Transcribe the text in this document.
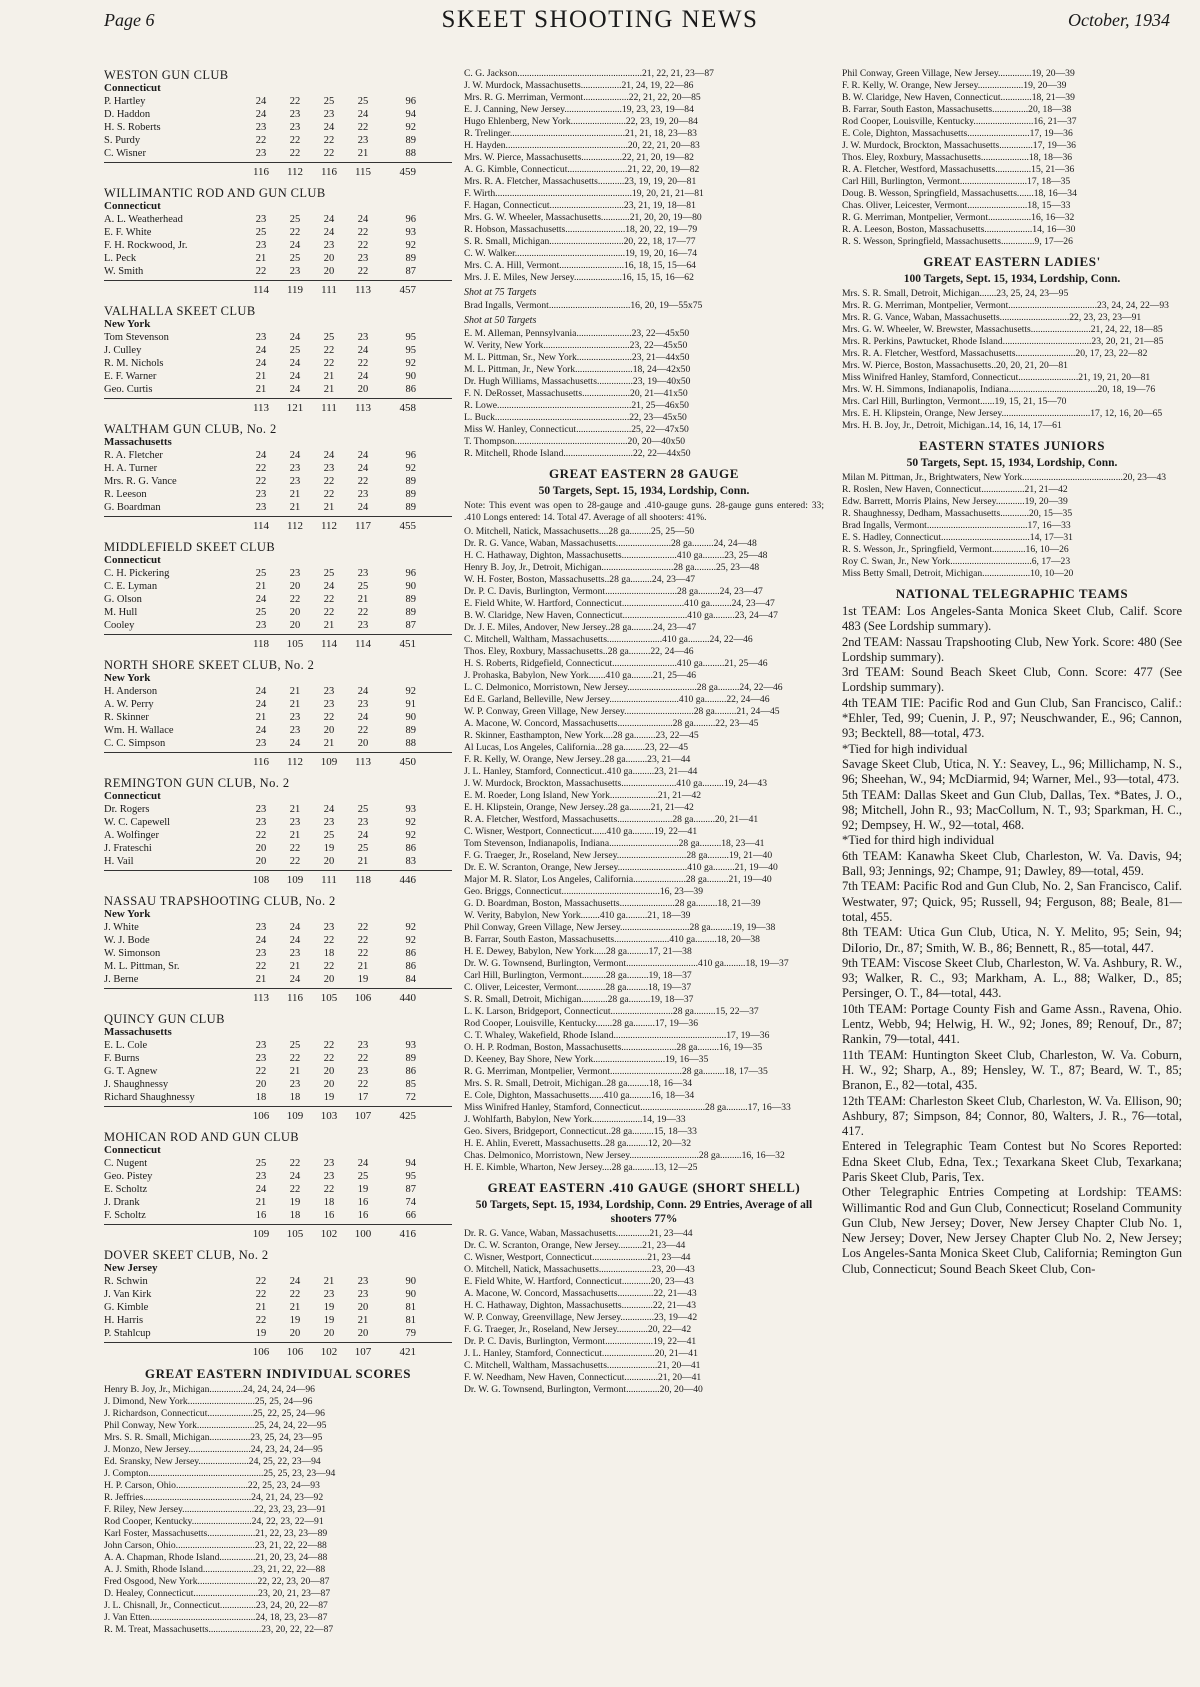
Page 6	SKEET SHOOTING NEWS	October, 1934
WESTON GUN CLUB
Connecticut
P. Hartley	24	22	25	25	96
D. Haddon	24	23	23	24	94
H. S. Roberts	23	23	24	22	92
S. Purdy	22	22	22	23	89
C. Wisner	23	22	22	21	88
116	112	116	115	459
WILLIMANTIC ROD AND GUN CLUB
Connecticut
A. L. Weatherhead	23	25	24	24	96
E. F. White	25	22	24	22	93
F. H. Rockwood, Jr.	23	24	23	22	92
L. Peck	21	25	20	23	89
W. Smith	22	23	20	22	87
114	119	111	113	457
VALHALLA SKEET CLUB
New York
Tom Stevenson	23	24	25	23	95
J. Culley	24	25	22	24	95
R. M. Nichols	24	24	22	22	92
E. F. Warner	21	24	21	24	90
Geo. Curtis	21	24	21	20	86
113	121	111	113	458
WALTHAM GUN CLUB, No. 2
Massachusetts
R. A. Fletcher	24	24	24	24	96
H. A. Turner	22	23	23	24	92
Mrs. R. G. Vance	22	23	22	22	89
R. Leeson	23	21	22	23	89
G. Boardman	23	21	21	24	89
114	112	112	117	455
MIDDLEFIELD SKEET CLUB
Connecticut
C. H. Pickering	25	23	25	23	96
C. E. Lyman	21	20	24	25	90
G. Olson	24	22	22	21	89
M. Hull	25	20	22	22	89
Cooley	23	20	21	23	87
118	105	114	114	451
NORTH SHORE SKEET CLUB, No. 2
New York
H. Anderson	24	21	23	24	92
A. W. Perry	24	21	23	23	91
R. Skinner	21	23	22	24	90
Wm. H. Wallace	24	23	20	22	89
C. C. Simpson	23	24	21	20	88
116	112	109	113	450
REMINGTON GUN CLUB, No. 2
Connecticut
Dr. Rogers	23	21	24	25	93
W. C. Capewell	23	23	23	23	92
A. Wolfinger	22	21	25	24	92
J. Frateschi	20	22	19	25	86
H. Vail	20	22	20	21	83
108	109	111	118	446
NASSAU TRAPSHOOTING CLUB, No. 2
New York
J. White	23	24	23	22	92
W. J. Bode	24	24	22	22	92
W. Simonson	23	23	18	22	86
M. L. Pittman, Sr.	22	21	22	21	86
J. Berne	21	24	20	19	84
113	116	105	106	440
QUINCY GUN CLUB
Massachusetts
E. L. Cole	23	25	22	23	93
F. Burns	23	22	22	22	89
G. T. Agnew	22	21	20	23	86
J. Shaughnessy	20	23	20	22	85
Richard Shaughnessy	18	18	19	17	72
106	109	103	107	425
MOHICAN ROD AND GUN CLUB
Connecticut
C. Nugent	25	22	23	24	94
Geo. Pistey	23	24	23	25	95
E. Scholtz	24	22	22	19	87
J. Drank	21	19	18	16	74
F. Scholtz	16	18	16	16	66
109	105	102	100	416
DOVER SKEET CLUB, No. 2
New Jersey
R. Schwin	22	24	21	23	90
J. Van Kirk	22	22	23	23	90
G. Kimble	21	21	19	20	81
H. Harris	22	19	19	21	81
P. Stahlcup	19	20	20	20	79
106	106	102	107	421
GREAT EASTERN INDIVIDUAL SCORES
Henry B. Joy, Jr., Michigan..............24, 24, 24, 24—96
J. Dimond, New York............................25, 25, 24—96
J. Richardson, Connecticut...................25, 22, 25, 24—96
Phil Conway, New York........................25, 24, 24, 22—95
Mrs. S. R. Small, Michigan.................23, 25, 24, 23—95
J. Monzo, New Jersey..........................24, 23, 24, 24—95
Ed. Sransky, New Jersey.....................24, 25, 22, 23—94
J. Compton................................................25, 25, 23, 23—94
H. P. Carson, Ohio..............................22, 25, 23, 24—93
R. Jeffries.............................................24, 21, 24, 23—92
F. Riley, New Jersey..............................22, 23, 23, 23—91
Rod Cooper, Kentucky.........................24, 22, 23, 22—91
Karl Foster, Massachusetts....................21, 22, 23, 23—89
John Carson, Ohio.................................23, 21, 22, 22—88
A. A. Chapman, Rhode Island...............21, 20, 23, 24—88
A. J. Smith, Rhode Island.....................23, 21, 22, 22—88
Fred Osgood, New York.........................22, 22, 23, 20—87
D. Healey, Connecticut...........................23, 20, 21, 23—87
J. L. Chisnall, Jr., Connecticut...............23, 24, 20, 22—87
J. Van Etten............................................24, 18, 23, 23—87
R. M. Treat, Massachusetts......................23, 20, 22, 22—87
C. G. Jackson....................................................21, 22, 21, 23—87
J. W. Murdock, Massachusetts.................21, 24, 19, 22—86
Mrs. R. G. Merriman, Vermont...................22, 21, 22, 20—85
E. J. Canning, New Jersey........................19, 23, 23, 19—84
Hugo Ehlenberg, New York.......................22, 23, 19, 20—84
R. Trelinger................................................21, 21, 18, 23—83
H. Hayden...................................................20, 22, 21, 20—83
Mrs. W. Pierce, Massachusetts.................22, 21, 20, 19—82
A. G. Kimble, Connecticut.........................21, 22, 20, 19—82
Mrs. R. A. Fletcher, Massachusetts...........23, 19, 19, 20—81
F. Wirth.........................................................19, 20, 21, 21—81
F. Hagan, Connecticut...............................23, 21, 19, 18—81
Mrs. G. W. Wheeler, Massachusetts............21, 20, 20, 19—80
R. Hobson, Massachusetts.........................18, 20, 22, 19—79
S. R. Small, Michigan...............................20, 22, 18, 17—77
C. W. Walker..............................................19, 19, 20, 16—74
Mrs. C. A. Hill, Vermont...........................16, 18, 15, 15—64
Mrs. J. E. Miles, New Jersey....................16, 15, 15, 16—62
Shot at 75 Targets
Brad Ingalls, Vermont..................................16, 20, 19—55x75
Shot at 50 Targets
E. M. Alleman, Pennsylvania.......................23, 22—45x50
W. Verity, New York....................................23, 22—45x50
M. L. Pittman, Sr., New York.......................23, 21—44x50
M. L. Pittman, Jr., New York........................18, 24—42x50
Dr. Hugh Williams, Massachusetts...............23, 19—40x50
F. N. DeRosset, Massachusetts....................20, 21—41x50
R. Lowe........................................................21, 25—46x50
L. Buck........................................................22, 23—45x50
Miss W. Hanley, Connecticut.......................25, 22—47x50
T. Thompson...............................................20, 20—40x50
R. Mitchell, Rhode Island.............................22, 22—44x50
GREAT EASTERN 28 GAUGE
50 Targets, Sept. 15, 1934, Lordship, Conn.
Note: This event was open to 28-gauge and .410-gauge guns. 28-gauge guns entered: 33; .410 Longs entered: 14. Total 47. Average of all shooters: 41%.
O. Mitchell, Natick, Massachusetts....28 ga.........25, 25—50
Dr. R. G. Vance, Waban, Massachusetts.......................28 ga.........24, 24—48
H. C. Hathaway, Dighton, Massachusetts.......................410 ga.........23, 25—48
Henry B. Joy, Jr., Detroit, Michigan..............................28 ga.........25, 23—48
W. H. Foster, Boston, Massachusetts..28 ga.........24, 23—47
Dr. P. C. Davis, Burlington, Vermont..............................28 ga.........24, 23—47
E. Field White, W. Hartford, Connecticut..........................410 ga.........24, 23—47
B. W. Claridge, New Haven, Connecticut...........................410 ga.........23, 24—47
Dr. J. E. Miles, Andover, New Jersey..28 ga.........24, 23—47
C. Mitchell, Waltham, Massachusetts.......................410 ga.........24, 22—46
Thos. Eley, Roxbury, Massachusetts..28 ga.........22, 24—46
H. S. Roberts, Ridgefield, Connecticut...........................410 ga.........21, 25—46
J. Prohaska, Babylon, New York.......410 ga.........21, 25—46
L. C. Delmonico, Morristown, New Jersey.............................28 ga.........24, 22—46
Ed E. Garland, Belleville, New Jersey.............................410 ga.........22, 24—46
W. P. Conway, Green Village, New Jersey.............................28 ga.........21, 24—45
A. Macone, W. Concord, Massachusetts.......................28 ga.........22, 23—45
R. Skinner, Easthampton, New York....28 ga.........23, 22—45
Al Lucas, Los Angeles, California...28 ga.........23, 22—45
F. R. Kelly, W. Orange, New Jersey..28 ga.........23, 21—44
J. L. Hanley, Stamford, Connecticut..410 ga.........23, 21—44
J. W. Murdock, Brockton, Massachusetts.......................410 ga.........19, 24—43
E. M. Roeder, Long Island, New York....................21, 21—42
E. H. Klipstein, Orange, New Jersey..28 ga.........21, 21—42
R. A. Fletcher, Westford, Massachusetts.......................28 ga.........20, 21—41
C. Wisner, Westport, Connecticut......410 ga.........19, 22—41
Tom Stevenson, Indianapolis, Indiana.............................28 ga.........18, 23—41
F. G. Traeger, Jr., Roseland, New Jersey.............................28 ga.........19, 21—40
Dr. E. W. Scranton, Orange, New Jersey.............................410 ga.........21, 19—40
Major M. R. Slator, Los Angeles, California......................28 ga.........21, 19—40
Geo. Briggs, Connecticut.........................................16, 23—39
G. D. Boardman, Boston, Massachusetts.......................28 ga.........18, 21—39
W. Verity, Babylon, New York........410 ga.........21, 18—39
Phil Conway, Green Village, New Jersey.............................28 ga.........19, 19—38
B. Farrar, South Easton, Massachusetts.......................410 ga.........18, 20—38
H. E. Dewey, Babylon, New York.....28 ga.........17, 21—38
Dr. W. G. Townsend, Burlington, Vermont..............................410 ga.........18, 19—37
Carl Hill, Burlington, Vermont..........28 ga.........19, 18—37
C. Oliver, Leicester, Vermont............28 ga.........18, 19—37
S. R. Small, Detroit, Michigan...........28 ga.........19, 18—37
L. K. Larson, Bridgeport, Connecticut..........................28 ga.........15, 22—37
Rod Cooper, Louisville, Kentucky.......28 ga.........17, 19—36
C. T. Whaley, Wakefield, Rhode Island...............................................17, 19—36
O. H. P. Rodman, Boston, Massachusetts.......................28 ga.........16, 19—35
D. Keeney, Bay Shore, New York..............................19, 16—35
R. G. Merriman, Montpelier, Vermont..............................28 ga.........18, 17—35
Mrs. S. R. Small, Detroit, Michigan..28 ga.........18, 16—34
E. Cole, Dighton, Massachusetts......410 ga.........16, 18—34
Miss Winifred Hanley, Stamford, Connecticut...........................28 ga.........17, 16—33
J. Wohlfarth, Babylon, New York.....................14, 19—33
Geo. Sivers, Bridgeport, Connecticut..28 ga.........15, 18—33
H. E. Ahlin, Everett, Massachusetts..28 ga.........12, 20—32
Chas. Delmonico, Morristown, New Jersey.............................28 ga.........16, 16—32
H. E. Kimble, Wharton, New Jersey....28 ga.........13, 12—25
GREAT EASTERN .410 GAUGE (SHORT SHELL)
50 Targets, Sept. 15, 1934, Lordship, Conn. 29 Entries, Average of all shooters 77%
Dr. R. G. Vance, Waban, Massachusetts..............21, 23—44
Dr. C. W. Scranton, Orange, New Jersey..........21, 23—44
C. Wisner, Westport, Connecticut.......................21, 23—44
O. Mitchell, Natick, Massachusetts......................23, 20—43
E. Field White, W. Hartford, Connecticut............20, 23—43
A. Macone, W. Concord, Massachusetts...............22, 21—43
H. C. Hathaway, Dighton, Massachusetts.............22, 21—43
W. P. Conway, Greenvillage, New Jersey..............23, 19—42
F. G. Traeger, Jr., Roseland, New Jersey.............20, 22—42
Dr. P. C. Davis, Burlington, Vermont....................19, 22—41
J. L. Hanley, Stamford, Connecticut......................20, 21—41
C. Mitchell, Waltham, Massachusetts.....................21, 20—41
F. W. Needham, New Haven, Connecticut..............21, 20—41
Dr. W. G. Townsend, Burlington, Vermont..............20, 20—40
Phil Conway, Green Village, New Jersey..............19, 20—39
F. R. Kelly, W. Orange, New Jersey...................19, 20—39
B. W. Claridge, New Haven, Connecticut.............18, 21—39
B. Farrar, South Easton, Massachusetts...............20, 18—38
Rod Cooper, Louisville, Kentucky.........................16, 21—37
E. Cole, Dighton, Massachusetts..........................17, 19—36
J. W. Murdock, Brockton, Massachusetts..............17, 19—36
Thos. Eley, Roxbury, Massachusetts....................18, 18—36
R. A. Fletcher, Westford, Massachusetts...............15, 21—36
Carl Hill, Burlington, Vermont............................17, 18—35
Doug. B. Wesson, Springfield, Massachusetts.......18, 16—34
Chas. Oliver, Leicester, Vermont.........................18, 15—33
R. G. Merriman, Montpelier, Vermont..................16, 16—32
R. A. Leeson, Boston, Massachusetts....................14, 16—30
R. S. Wesson, Springfield, Massachusetts..............9, 17—26
GREAT EASTERN LADIES'
100 Targets, Sept. 15, 1934, Lordship, Conn.
Mrs. S. R. Small, Detroit, Michigan.......23, 25, 24, 23—95
Mrs. R. G. Merriman, Montpelier, Vermont.....................................23, 24, 24, 22—93
Mrs. R. G. Vance, Waban, Massachusetts.............................22, 23, 23, 23—91
Mrs. G. W. Wheeler, W. Brewster, Massachusetts.........................21, 24, 22, 18—85
Mrs. R. Perkins, Pawtucket, Rhode Island.....................................23, 20, 21, 21—85
Mrs. R. A. Fletcher, Westford, Massachusetts.........................20, 17, 23, 22—82
Mrs. W. Pierce, Boston, Massachusetts..20, 20, 21, 20—81
Miss Winifred Hanley, Stamford, Connecticut.........................21, 19, 21, 20—81
Mrs. W. H. Simmons, Indianapolis, Indiana.....................................20, 18, 19—76
Mrs. Carl Hill, Burlington, Vermont......19, 15, 21, 15—70
Mrs. E. H. Klipstein, Orange, New Jersey.....................................17, 12, 16, 20—65
Mrs. H. B. Joy, Jr., Detroit, Michigan..14, 16, 14, 17—61
EASTERN STATES JUNIORS
50 Targets, Sept. 15, 1934, Lordship, Conn.
Milan M. Pittman, Jr., Brightwaters, New York..........................................20, 23—43
R. Roslen, New Haven, Connecticut..................21, 21—42
Edw. Barrett, Morris Plains, New Jersey............19, 20—39
R. Shaughnessy, Dedham, Massachusetts............20, 15—35
Brad Ingalls, Vermont..........................................17, 16—33
E. S. Hadley, Connecticut.....................................14, 17—31
R. S. Wesson, Jr., Springfield, Vermont..............16, 10—26
Roy C. Swan, Jr., New York..................................6, 17—23
Miss Betty Small, Detroit, Michigan....................10, 10—20
NATIONAL TELEGRAPHIC TEAMS
1st TEAM: Los Angeles-Santa Monica Skeet Club, Calif. Score 483 (See Lordship summary).
2nd TEAM: Nassau Trapshooting Club, New York. Score: 480 (See Lordship summary).
3rd TEAM: Sound Beach Skeet Club, Conn. Score: 477 (See Lordship summary).
4th TEAM TIE: Pacific Rod and Gun Club, San Francisco, Calif.: *Ehler, Ted, 99; Cuenin, J. P., 97; Neuschwander, E., 96; Cannon, 93; Becktell, 88—total, 473.
*Tied for high individual
Savage Skeet Club, Utica, N. Y.: Seavey, L., 96; Millichamp, N. S., 96; Sheehan, W., 94; McDiarmid, 94; Warner, Mel., 93—total, 473.
5th TEAM: Dallas Skeet and Gun Club, Dallas, Tex. *Bates, J. O., 98; Mitchell, John R., 93; MacCollum, N. T., 93; Sparkman, H. C., 92; Dempsey, H. W., 92—total, 468.
*Tied for third high individual
6th TEAM: Kanawha Skeet Club, Charleston, W. Va. Davis, 94; Ball, 93; Jennings, 92; Champe, 91; Dawley, 89—total, 459.
7th TEAM: Pacific Rod and Gun Club, No. 2, San Francisco, Calif. Westwater, 97; Quick, 95; Russell, 94; Ferguson, 88; Beale, 81—total, 455.
8th TEAM: Utica Gun Club, Utica, N. Y. Melito, 95; Sein, 94; DiIorio, Dr., 87; Smith, W. B., 86; Bennett, R., 85—total, 447.
9th TEAM: Viscose Skeet Club, Charleston, W. Va. Ashbury, R. W., 93; Walker, R. C., 93; Markham, A. L., 88; Walker, D., 85; Persinger, O. T., 84—total, 443.
10th TEAM: Portage County Fish and Game Assn., Ravena, Ohio. Lentz, Webb, 94; Helwig, H. W., 92; Jones, 89; Renouf, Dr., 87; Rankin, 79—total, 441.
11th TEAM: Huntington Skeet Club, Charleston, W. Va. Coburn, H. W., 92; Sharp, A., 89; Hensley, W. T., 87; Beard, W. T., 85; Branon, E., 82—total, 435.
12th TEAM: Charleston Skeet Club, Charleston, W. Va. Ellison, 90; Ashbury, 87; Simpson, 84; Connor, 80, Walters, J. R., 76—total, 417.
Entered in Telegraphic Team Contest but No Scores Reported: Edna Skeet Club, Edna, Tex.; Texarkana Skeet Club, Texarkana; Paris Skeet Club, Paris, Tex.
Other Telegraphic Entries Competing at Lordship: TEAMS: Willimantic Rod and Gun Club, Connecticut; Roseland Community Gun Club, New Jersey; Dover, New Jersey Chapter Club No. 1, New Jersey; Dover, New Jersey Chapter Club No. 2, New Jersey; Los Angeles-Santa Monica Skeet Club, California; Remington Gun Club, Connecticut; Sound Beach Skeet Club, Con-
